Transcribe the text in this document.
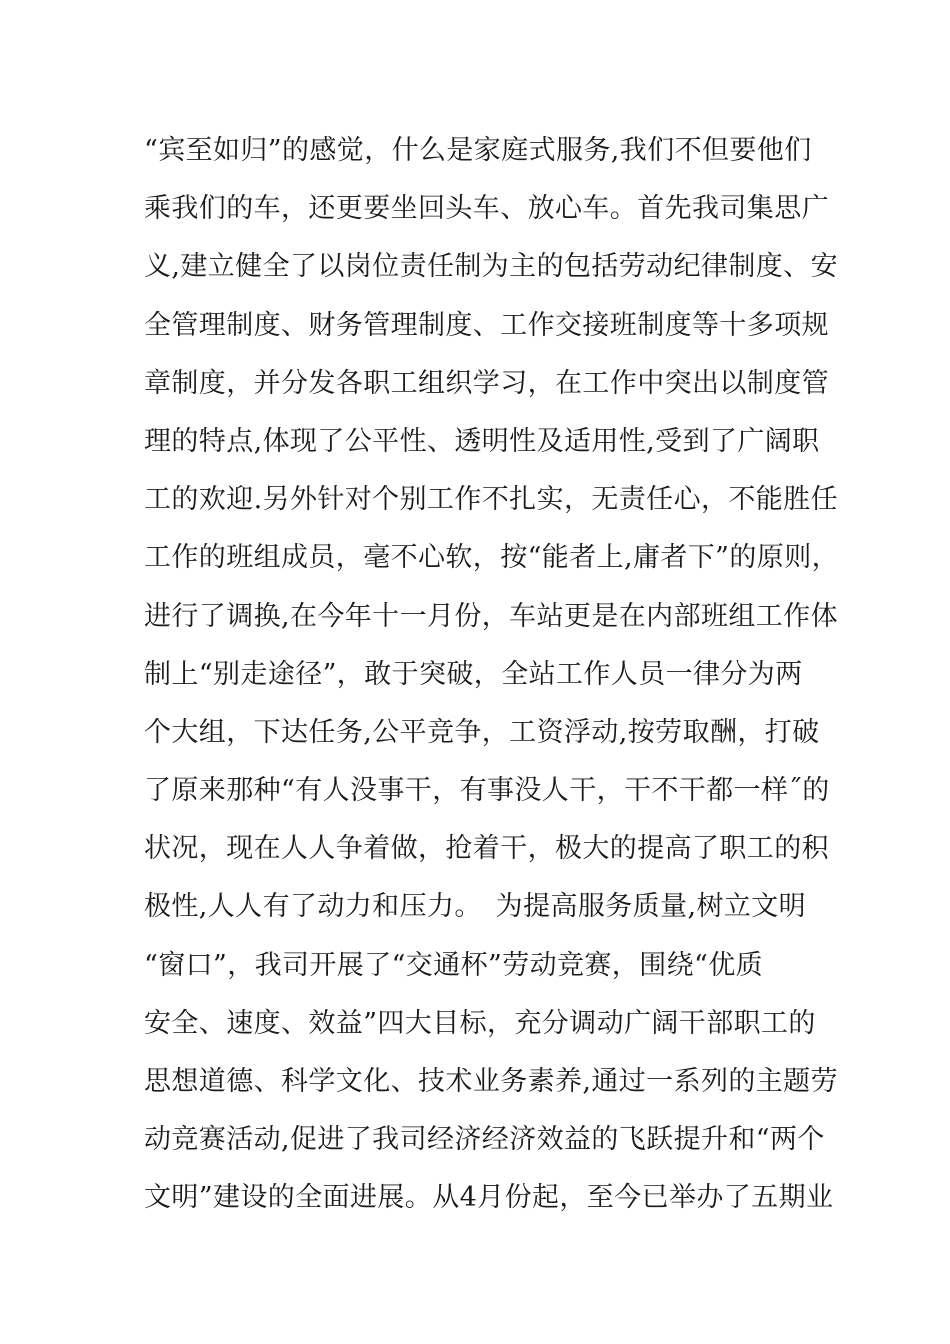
“宾至如归”的感觉，什么是家庭式服务,我们不但要他们
乘我们的车，还更要坐回头车、放心车。首先我司集思广
义,建立健全了以岗位责任制为主的包括劳动纪律制度、安
全管理制度、财务管理制度、工作交接班制度等十多项规
章制度，并分发各职工组织学习，在工作中突出以制度管
理的特点,体现了公平性、透明性及适用性,受到了广阔职
工的欢迎.另外针对个别工作不扎实，无责任心，不能胜任
工作的班组成员，毫不心软，按“能者上,庸者下”的原则，
进行了调换,在今年十一月份，车站更是在内部班组工作体
制上“别走途径”，敢于突破，全站工作人员一律分为两
个大组，下达任务,公平竞争，工资浮动,按劳取酬，打破
了原来那种“有人没事干，有事没人干，干不干都一样˝的
状况，现在人人争着做，抢着干，极大的提高了职工的积
极性,人人有了动力和压力。　为提高服务质量,树立文明
“窗口”，我司开展了“交通杯”劳动竞赛，围绕“优质
安全、速度、效益”四大目标，充分调动广阔干部职工的
思想道德、科学文化、技术业务素养,通过一系列的主题劳
动竞赛活动,促进了我司经济经济效益的飞跃提升和“两个
文明”建设的全面进展。从4月份起，至今已举办了五期业
